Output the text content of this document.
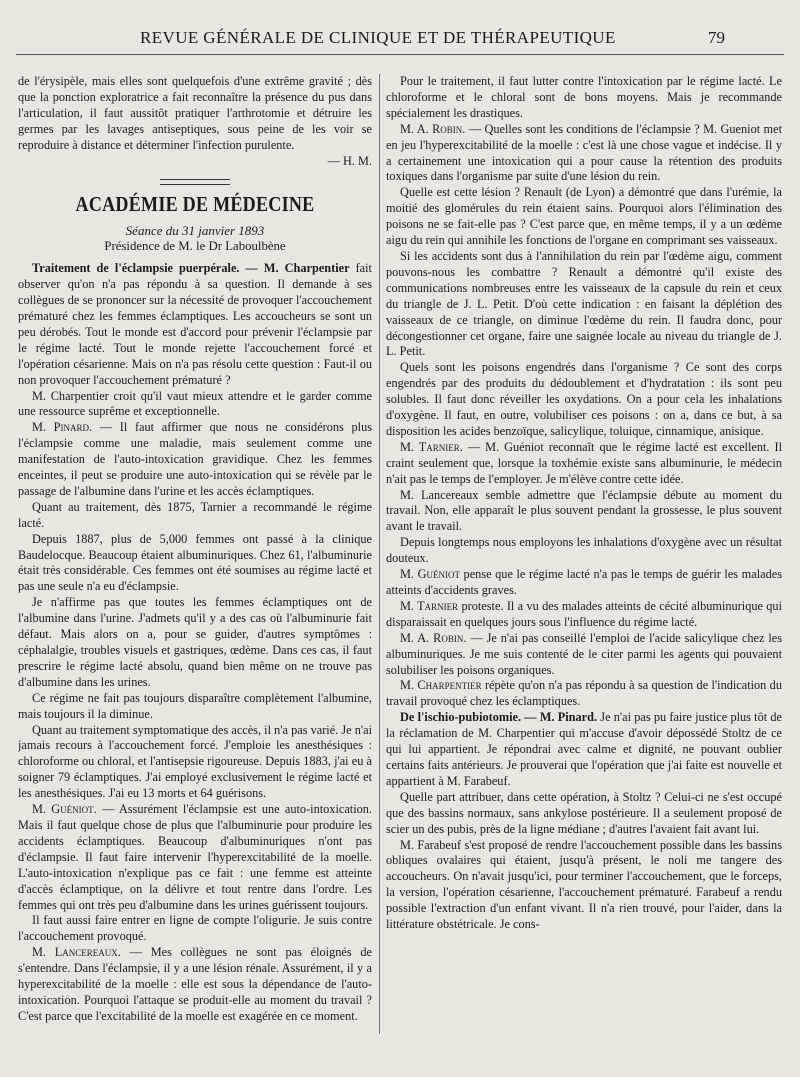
REVUE GÉNÉRALE DE CLINIQUE ET DE THÉRAPEUTIQUE	79

de l'érysipèle, mais elles sont quelquefois d'une extrême gravité ; dès que la ponction exploratrice a fait reconnaître la présence du pus dans l'articulation, il faut aussitôt pratiquer l'arthrotomie et détruire les germes par les lavages antiseptiques, sous peine de les voir se reproduire à distance et déterminer l'infection purulente.

— H. M.
ACADÉMIE DE MÉDECINE
Séance du 31 janvier 1893
Présidence de M. le Dr Laboulbène

Traitement de l'éclampsie puerpérale. — M. Charpentier fait observer qu'on n'a pas répondu à sa question. Il demande à ses collègues de se prononcer sur la nécessité de provoquer l'accouchement prématuré chez les femmes éclamptiques. Les accoucheurs se sont un peu dérobés. Tout le monde est d'accord pour prévenir l'éclampsie par le régime lacté. Tout le monde rejette l'accouchement forcé et l'opération césarienne. Mais on n'a pas résolu cette question : Faut-il ou non provoquer l'accouchement prématuré ?

M. Charpentier croit qu'il vaut mieux attendre et le garder comme une ressource suprême et exceptionnelle.

M. Pinard. — Il faut affirmer que nous ne considérons plus l'éclampsie comme une maladie, mais seulement comme une manifestation de l'auto-intoxication gravidique. Chez les femmes enceintes, il peut se produire une auto-intoxication qui se révèle par le passage de l'albumine dans l'urine et les accès éclamptiques.

Quant au traitement, dès 1875, Tarnier a recommandé le régime lacté.

Depuis 1887, plus de 5,000 femmes ont passé à la clinique Baudelocque. Beaucoup étaient albuminuriques. Chez 61, l'albuminurie était très considérable. Ces femmes ont été soumises au régime lacté et pas une seule n'a eu d'éclampsie.

Je n'affirme pas que toutes les femmes éclamptiques ont de l'albumine dans l'urine. J'admets qu'il y a des cas où l'albuminurie fait défaut. Mais alors on a, pour se guider, d'autres symptômes : céphalalgie, troubles visuels et gastriques, œdème. Dans ces cas, il faut prescrire le régime lacté absolu, quand bien même on ne trouve pas d'albumine dans les urines.

Ce régime ne fait pas toujours disparaître complètement l'albumine, mais toujours il la diminue.

Quant au traitement symptomatique des accès, il n'a pas varié. Je n'ai jamais recours à l'accouchement forcé. J'emploie les anesthésiques : chloroforme ou chloral, et l'antisepsie rigoureuse. Depuis 1883, j'ai eu à soigner 79 éclamptiques. J'ai employé exclusivement le régime lacté et les anesthésiques. J'ai eu 13 morts et 64 guérisons.

M. Guéniot. — Assurément l'éclampsie est une auto-intoxication. Mais il faut quelque chose de plus que l'albuminurie pour produire les accidents éclamptiques. Beaucoup d'albuminuriques n'ont pas d'éclampsie. Il faut faire intervenir l'hyperexcitabilité de la moelle. L'auto-intoxication n'explique pas ce fait : une femme est atteinte d'accès éclamptique, on la délivre et tout rentre dans l'ordre. Les femmes qui ont très peu d'albumine dans les urines guérissent toujours.

Il faut aussi faire entrer en ligne de compte l'oligurie. Je suis contre l'accouchement provoqué.

M. Lancereaux. — Mes collègues ne sont pas éloignés de s'entendre. Dans l'éclampsie, il y a une lésion rénale. Assurément, il y a hyperexcitabilité de la moelle : elle est sous la dépendance de l'auto-intoxication. Pourquoi l'attaque se produit-elle au moment du travail ? C'est parce que l'excitabilité de la moelle est exagérée en ce moment.

Pour le traitement, il faut lutter contre l'intoxication par le régime lacté. Le chloroforme et le chloral sont de bons moyens. Mais je recommande spécialement les drastiques.

M. A. Robin. — Quelles sont les conditions de l'éclampsie ? M. Gueniot met en jeu l'hyperexcitabilité de la moelle : c'est là une chose vague et indécise. Il y a certainement une intoxication qui a pour cause la rétention des produits toxiques dans l'organisme par suite d'une lésion du rein.

Quelle est cette lésion ? Renault (de Lyon) a démontré que dans l'urémie, la moitié des glomérules du rein étaient sains. Pourquoi alors l'élimination des poisons ne se fait-elle pas ? C'est parce que, en même temps, il y a un œdème aigu du rein qui annihile les fonctions de l'organe en comprimant ses vaisseaux.

Si les accidents sont dus à l'annihilation du rein par l'œdème aigu, comment pouvons-nous les combattre ? Renault a démontré qu'il existe des communications nombreuses entre les vaisseaux de la capsule du rein et ceux du triangle de J. L. Petit. D'où cette indication : en faisant la déplétion des vaisseaux de ce triangle, on diminue l'œdème du rein. Il faudra donc, pour décongestionner cet organe, faire une saignée locale au niveau du triangle de J. L. Petit.

Quels sont les poisons engendrés dans l'organisme ? Ce sont des corps engendrés par des produits du dédoublement et d'hydratation : ils sont peu solubles. Il faut donc réveiller les oxydations. On a pour cela les inhalations d'oxygène. Il faut, en outre, volubiliser ces poisons : on a, dans ce but, à sa disposition les acides benzoïque, salicylique, toluique, cinnamique, anisique.

M. Tarnier. — M. Guéniot reconnaît que le régime lacté est excellent. Il craint seulement que, lorsque la toxhémie existe sans albuminurie, le médecin n'ait pas le temps de l'employer. Je m'élève contre cette idée.

M. Lancereaux semble admettre que l'éclampsie débute au moment du travail. Non, elle apparaît le plus souvent pendant la grossesse, le plus souvent avant le travail.

Depuis longtemps nous employons les inhalations d'oxygène avec un résultat douteux.

M. Guéniot pense que le régime lacté n'a pas le temps de guérir les malades atteints d'accidents graves.

M. Tarnier proteste. Il a vu des malades atteints de cécité albuminurique qui disparaissait en quelques jours sous l'influence du régime lacté.

M. A. Robin. — Je n'ai pas conseillé l'emploi de l'acide salicylique chez les albuminuriques. Je me suis contenté de le citer parmi les agents qui pouvaient solubiliser les poisons organiques.

M. Charpentier répète qu'on n'a pas répondu à sa question de l'indication du travail provoqué chez les éclamptiques.

De l'ischio-pubiotomie. — M. Pinard. Je n'ai pas pu faire justice plus tôt de la réclamation de M. Charpentier qui m'accuse d'avoir dépossédé Stoltz de ce qui lui appartient. Je répondrai avec calme et dignité, ne pouvant oublier certains faits antérieurs. Je prouverai que l'opération que j'ai faite est nouvelle et appartient à M. Farabeuf.

Quelle part attribuer, dans cette opération, à Stoltz ? Celui-ci ne s'est occupé que des bassins normaux, sans ankylose postérieure. Il a seulement proposé de scier un des pubis, près de la ligne médiane ; d'autres l'avaient fait avant lui.

M. Farabeuf s'est proposé de rendre l'accouchement possible dans les bassins obliques ovalaires qui étaient, jusqu'à présent, le noli me tangere des accoucheurs. On n'avait jusqu'ici, pour terminer l'accouchement, que le forceps, la version, l'opération césarienne, l'accouchement prématuré. Farabeuf a rendu possible l'extraction d'un enfant vivant. Il n'a rien trouvé, pour l'aider, dans la littérature obstétricale. Je cons-
